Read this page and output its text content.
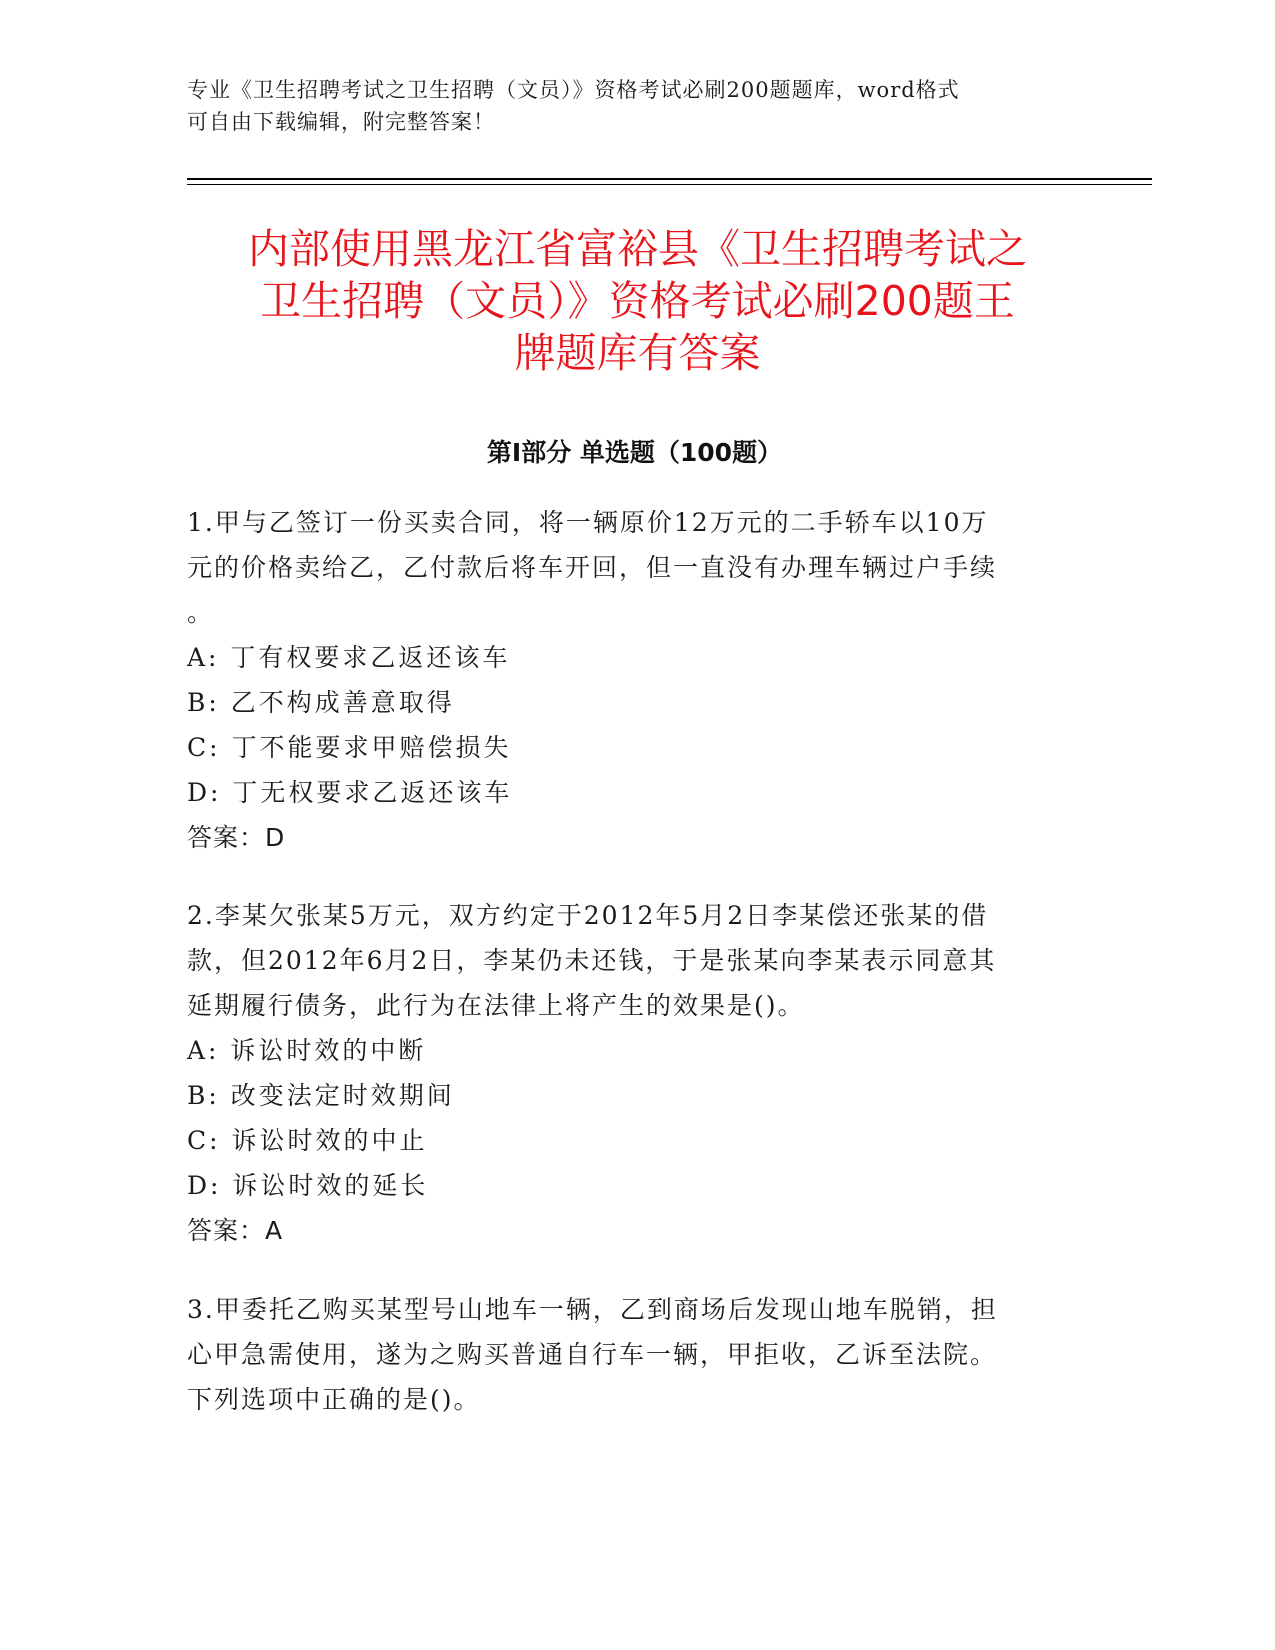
专业《卫生招聘考试之卫生招聘（文员）》资格考试必刷200题题库，word格式

可自由下载编辑，附完整答案！

内部使用黑龙江省富裕县《卫生招聘考试之
卫生招聘（文员）》资格考试必刷200题王
牌题库有答案
第Ⅰ部分 单选题（100题）

1.甲与乙签订一份买卖合同，将一辆原价12万元的二手轿车以10万

元的价格卖给乙，乙付款后将车开回，但一直没有办理车辆过户手续

。

A: 丁有权要求乙返还该车

B: 乙不构成善意取得

C: 丁不能要求甲赔偿损失

D: 丁无权要求乙返还该车

答案：D

2.李某欠张某5万元，双方约定于2012年5月2日李某偿还张某的借

款，但2012年6月2日，李某仍未还钱，于是张某向李某表示同意其

延期履行债务，此行为在法律上将产生的效果是()。

A: 诉讼时效的中断

B: 改变法定时效期间

C: 诉讼时效的中止

D: 诉讼时效的延长

答案：A

3.甲委托乙购买某型号山地车一辆，乙到商场后发现山地车脱销，担

心甲急需使用，遂为之购买普通自行车一辆，甲拒收，乙诉至法院。

下列选项中正确的是()。
